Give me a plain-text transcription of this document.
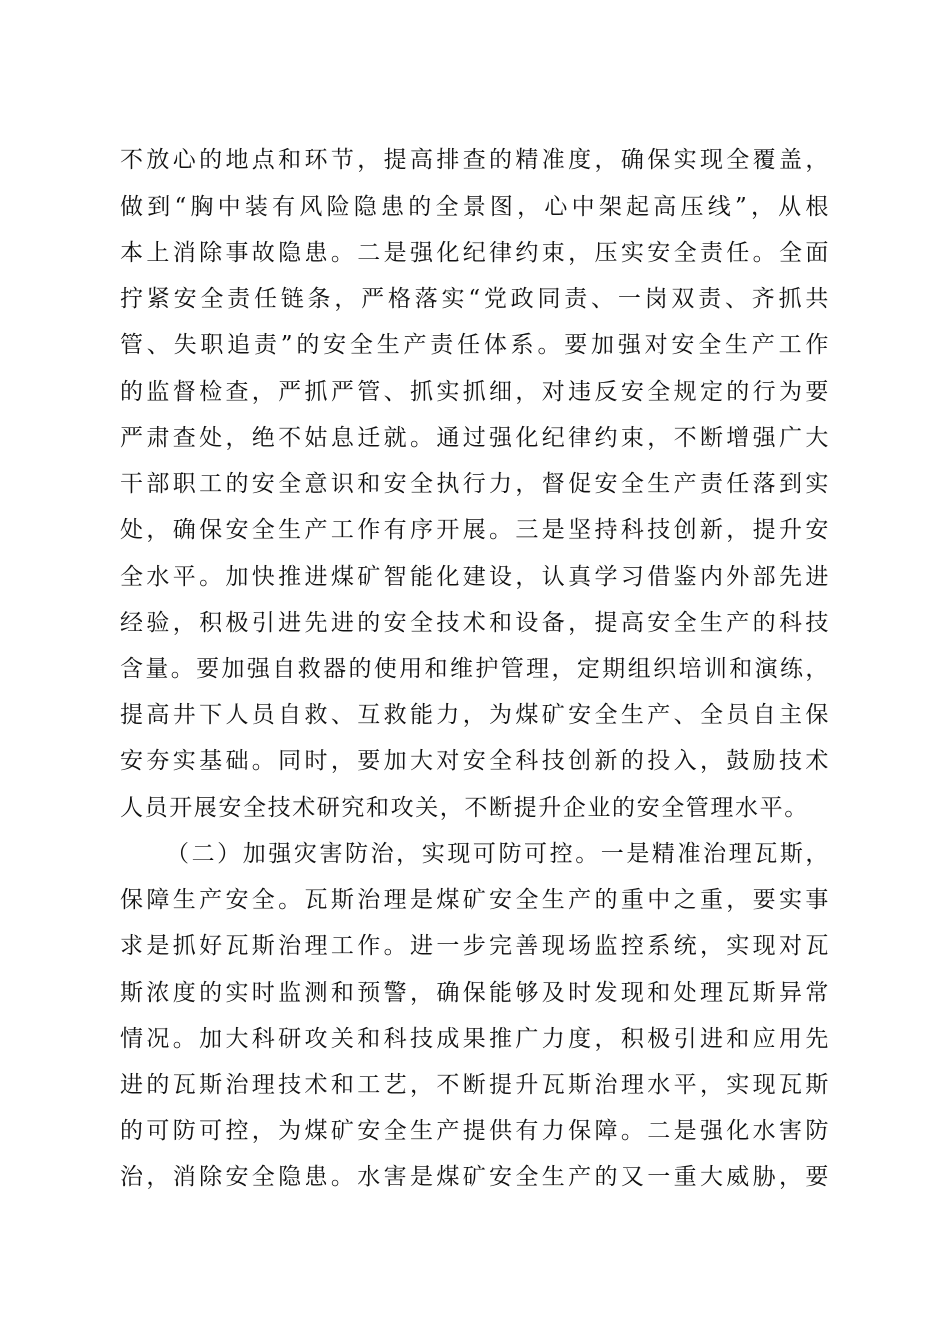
不放心的地点和环节，提高排查的精准度，确保实现全覆盖，
做到“胸中装有风险隐患的全景图，心中架起高压线”，从根
本上消除事故隐患。二是强化纪律约束，压实安全责任。全面
拧紧安全责任链条，严格落实“党政同责、一岗双责、齐抓共
管、失职追责”的安全生产责任体系。要加强对安全生产工作
的监督检查，严抓严管、抓实抓细，对违反安全规定的行为要
严肃查处，绝不姑息迁就。通过强化纪律约束，不断增强广大
干部职工的安全意识和安全执行力，督促安全生产责任落到实
处，确保安全生产工作有序开展。三是坚持科技创新，提升安
全水平。加快推进煤矿智能化建设，认真学习借鉴内外部先进
经验，积极引进先进的安全技术和设备，提高安全生产的科技
含量。要加强自救器的使用和维护管理，定期组织培训和演练，
提高井下人员自救、互救能力，为煤矿安全生产、全员自主保
安夯实基础。同时，要加大对安全科技创新的投入，鼓励技术
人员开展安全技术研究和攻关，不断提升企业的安全管理水平。
（二）加强灾害防治，实现可防可控。一是精准治理瓦斯，
保障生产安全。瓦斯治理是煤矿安全生产的重中之重，要实事
求是抓好瓦斯治理工作。进一步完善现场监控系统，实现对瓦
斯浓度的实时监测和预警，确保能够及时发现和处理瓦斯异常
情况。加大科研攻关和科技成果推广力度，积极引进和应用先
进的瓦斯治理技术和工艺，不断提升瓦斯治理水平，实现瓦斯
的可防可控，为煤矿安全生产提供有力保障。二是强化水害防
治，消除安全隐患。水害是煤矿安全生产的又一重大威胁，要
